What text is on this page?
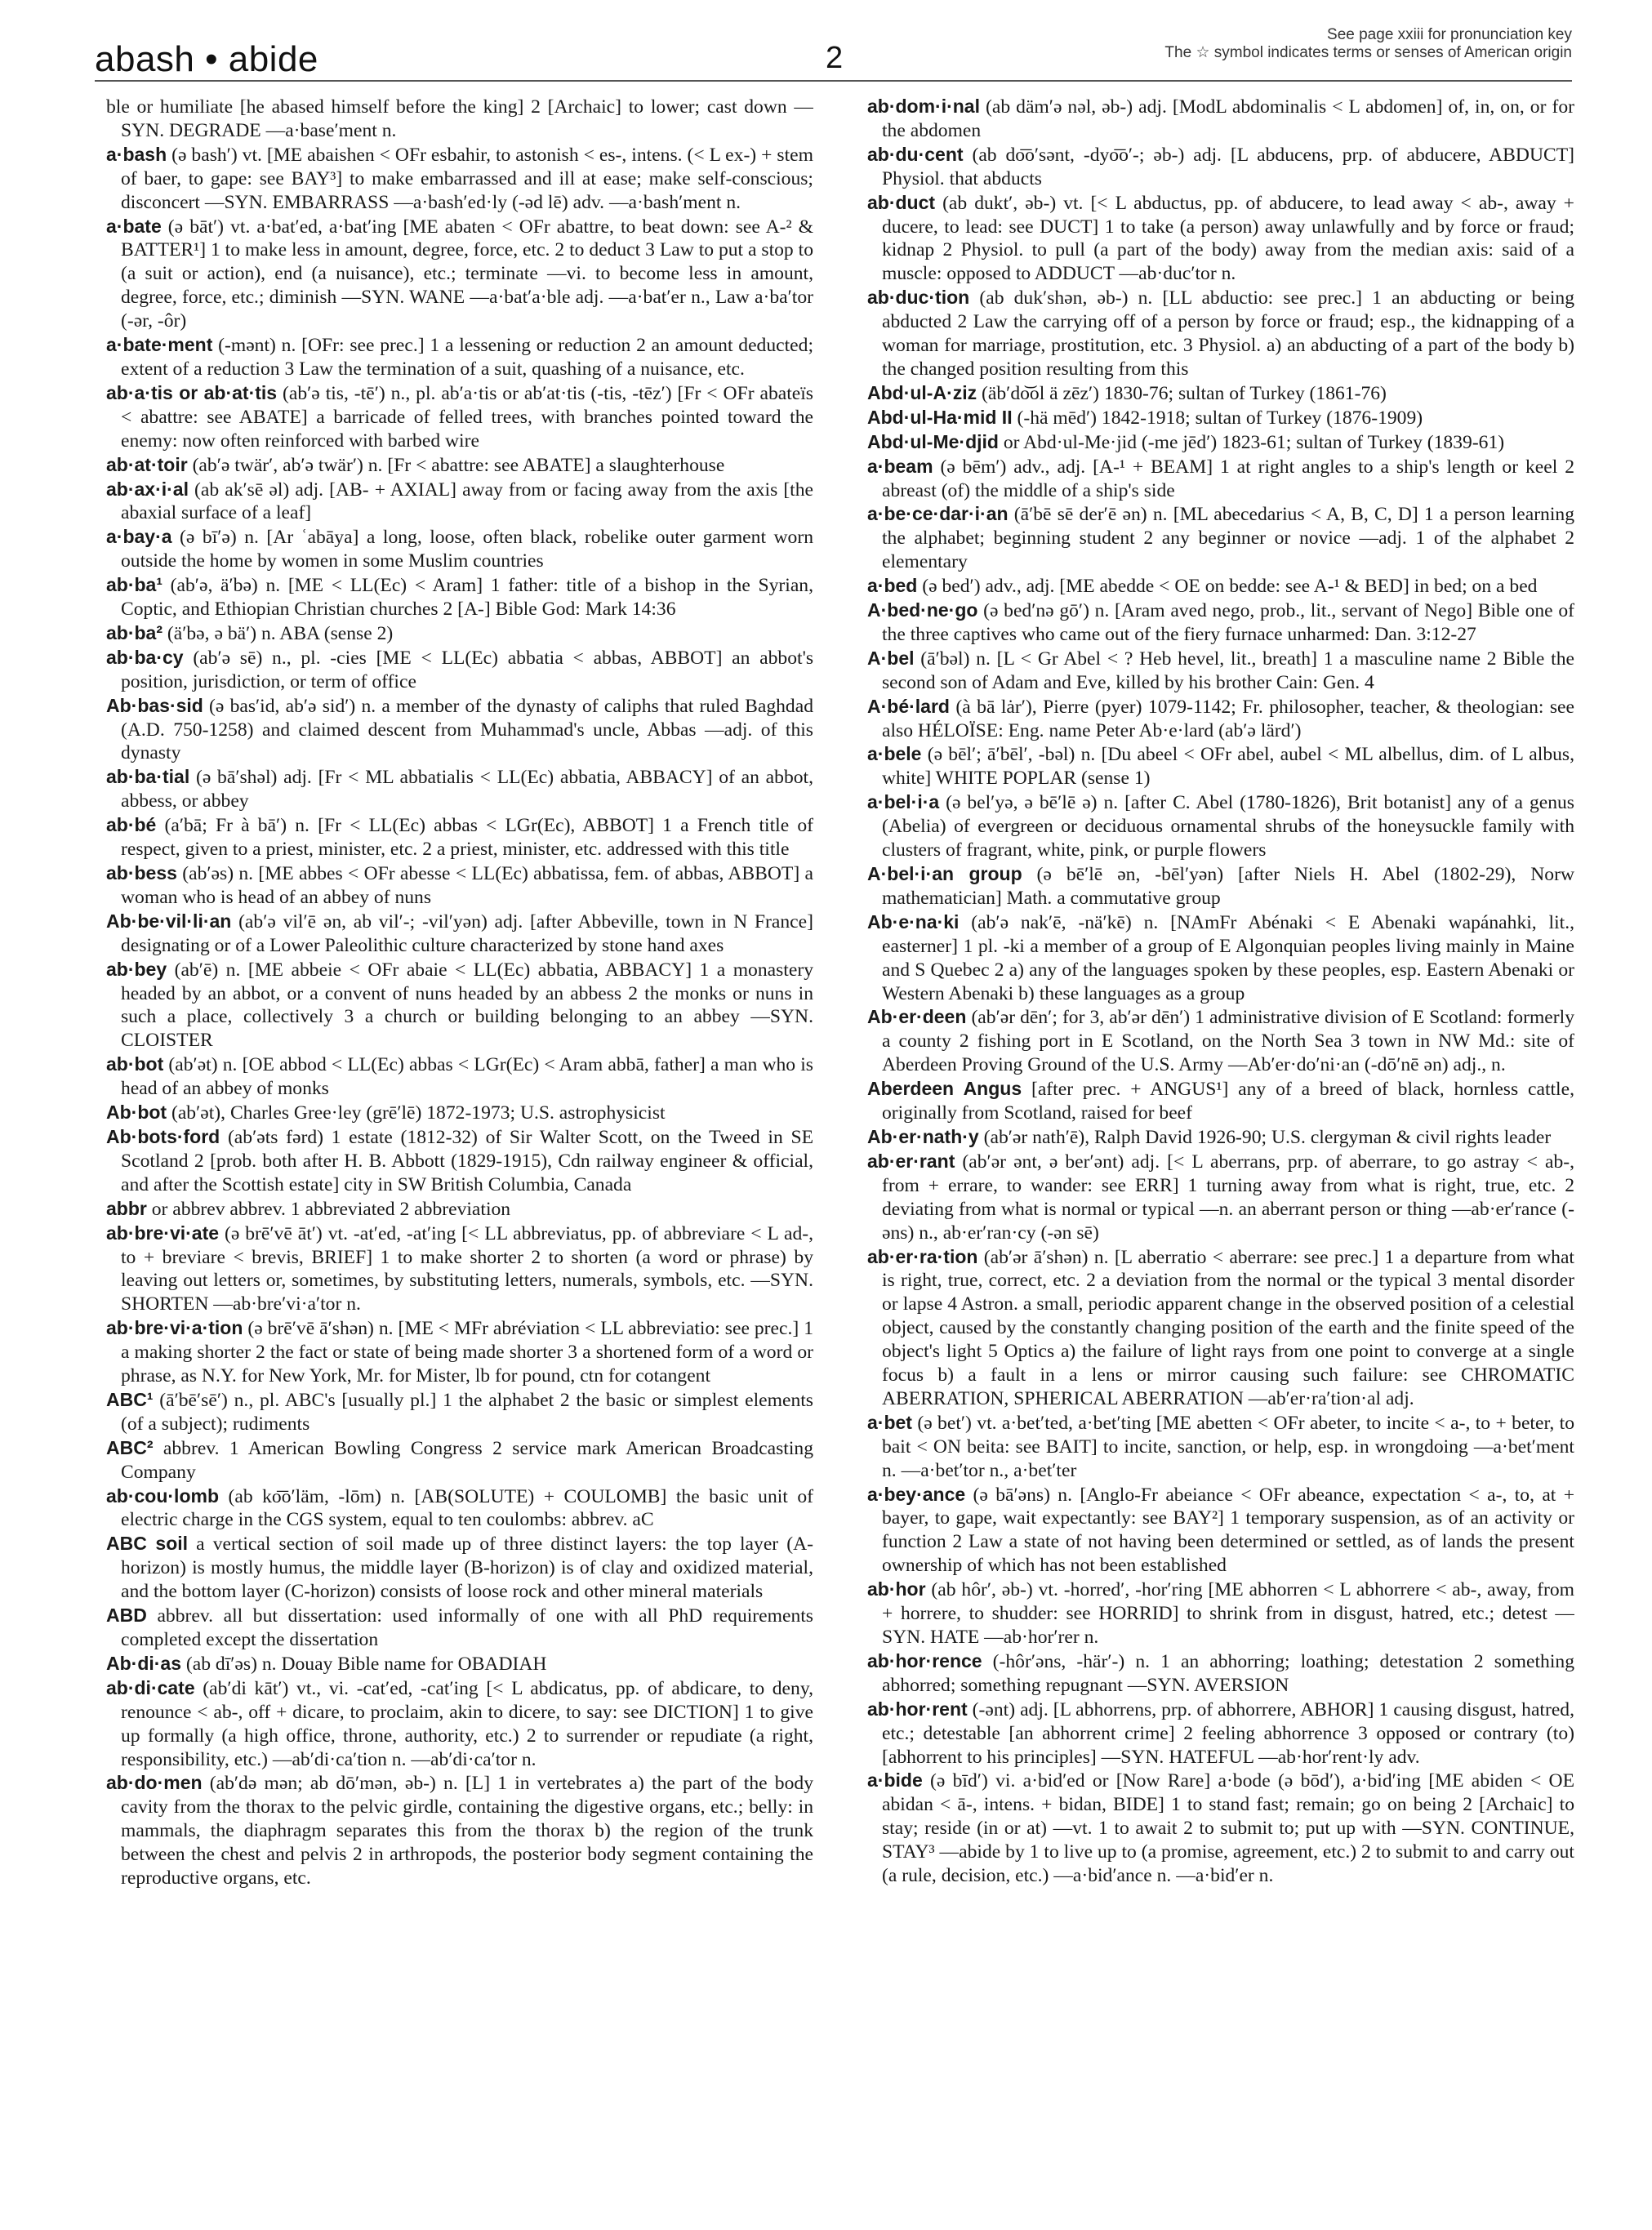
abash • abide	2
See page xxiii for pronunciation key
The ☆ symbol indicates terms or senses of American origin

ble or humiliate [he abased himself before the king] 2 [Archaic] to lower; cast down —SYN. DEGRADE —a·base′ment n.

a·bash (ə bash′) vt. [ME abaishen < OFr esbahir, to astonish < es-, intens. (< L ex-) + stem of baer, to gape: see BAY³] to make embarrassed and ill at ease; make self-conscious; disconcert —SYN. EMBARRASS —a·bash′ed·ly (-əd lē) adv. —a·bash′ment n.

a·bate (ə bāt′) vt. a·bat′ed, a·bat′ing [ME abaten < OFr abattre, to beat down: see A-² & BATTER¹] 1 to make less in amount, degree, force, etc. 2 to deduct 3 Law to put a stop to (a suit or action), end (a nuisance), etc.; terminate —vi. to become less in amount, degree, force, etc.; diminish —SYN. WANE —a·bat′a·ble adj. —a·bat′er n., Law a·ba′tor (-ər, -ôr)

a·bate·ment (-mənt) n. [OFr: see prec.] 1 a lessening or reduction 2 an amount deducted; extent of a reduction 3 Law the termination of a suit, quashing of a nuisance, etc.

ab·a·tis or ab·at·tis (ab′ə tis, -tē′) n., pl. ab′a·tis or ab′at·tis (-tis, -tēz′) [Fr < OFr abateïs < abattre: see ABATE] a barricade of felled trees, with branches pointed toward the enemy: now often reinforced with barbed wire

ab·at·toir (ab′ə twär′, ab′ə twär′) n. [Fr < abattre: see ABATE] a slaughterhouse

ab·ax·i·al (ab ak′sē əl) adj. [AB- + AXIAL] away from or facing away from the axis [the abaxial surface of a leaf]

a·bay·a (ə bī′ə) n. [Ar ʿabāya] a long, loose, often black, robelike outer garment worn outside the home by women in some Muslim countries

ab·ba¹ (ab′ə, ä′bə) n. [ME < LL(Ec) < Aram] 1 father: title of a bishop in the Syrian, Coptic, and Ethiopian Christian churches 2 [A-] Bible God: Mark 14:36

ab·ba² (ä′bə, ə bä′) n. ABA (sense 2)

ab·ba·cy (ab′ə sē) n., pl. -cies [ME < LL(Ec) abbatia < abbas, ABBOT] an abbot's position, jurisdiction, or term of office

Ab·bas·sid (ə bas′id, ab′ə sid′) n. a member of the dynasty of caliphs that ruled Baghdad (A.D. 750-1258) and claimed descent from Muhammad's uncle, Abbas —adj. of this dynasty

ab·ba·tial (ə bā′shəl) adj. [Fr < ML abbatialis < LL(Ec) abbatia, ABBACY] of an abbot, abbess, or abbey

ab·bé (a′bā; Fr à bā′) n. [Fr < LL(Ec) abbas < LGr(Ec), ABBOT] 1 a French title of respect, given to a priest, minister, etc. 2 a priest, minister, etc. addressed with this title

ab·bess (ab′əs) n. [ME abbes < OFr abesse < LL(Ec) abbatissa, fem. of abbas, ABBOT] a woman who is head of an abbey of nuns

Ab·be·vil·li·an (ab′ə vil′ē ən, ab vil′-; -vil′yən) adj. [after Abbeville, town in N France] designating or of a Lower Paleolithic culture characterized by stone hand axes

ab·bey (ab′ē) n. [ME abbeie < OFr abaie < LL(Ec) abbatia, ABBACY] 1 a monastery headed by an abbot, or a convent of nuns headed by an abbess 2 the monks or nuns in such a place, collectively 3 a church or building belonging to an abbey —SYN. CLOISTER

ab·bot (ab′ət) n. [OE abbod < LL(Ec) abbas < LGr(Ec) < Aram abbā, father] a man who is head of an abbey of monks

Ab·bot (ab′ət), Charles Gree·ley (grē′lē) 1872-1973; U.S. astrophysicist

Ab·bots·ford (ab′əts fərd) 1 estate (1812-32) of Sir Walter Scott, on the Tweed in SE Scotland 2 [prob. both after H. B. Abbott (1829-1915), Cdn railway engineer & official, and after the Scottish estate] city in SW British Columbia, Canada

abbr or abbrev abbrev. 1 abbreviated 2 abbreviation

ab·bre·vi·ate (ə brē′vē āt′) vt. -at′ed, -at′ing [< LL abbreviatus, pp. of abbreviare < L ad-, to + breviare < brevis, BRIEF] 1 to make shorter 2 to shorten (a word or phrase) by leaving out letters or, sometimes, by substituting letters, numerals, symbols, etc. —SYN. SHORTEN —ab·bre′vi·a′tor n.

ab·bre·vi·a·tion (ə brē′vē ā′shən) n. [ME < MFr abréviation < LL abbreviatio: see prec.] 1 a making shorter 2 the fact or state of being made shorter 3 a shortened form of a word or phrase, as N.Y. for New York, Mr. for Mister, lb for pound, ctn for cotangent

ABC¹ (ā′bē′sē′) n., pl. ABC's [usually pl.] 1 the alphabet 2 the basic or simplest elements (of a subject); rudiments

ABC² abbrev. 1 American Bowling Congress 2 service mark American Broadcasting Company

ab·cou·lomb (ab ko͞o′läm, -lōm) n. [AB(SOLUTE) + COULOMB] the basic unit of electric charge in the CGS system, equal to ten coulombs: abbrev. aC

ABC soil a vertical section of soil made up of three distinct layers: the top layer (A-horizon) is mostly humus, the middle layer (B-horizon) is of clay and oxidized material, and the bottom layer (C-horizon) consists of loose rock and other mineral materials

ABD abbrev. all but dissertation: used informally of one with all PhD requirements completed except the dissertation

Ab·di·as (ab dī′əs) n. Douay Bible name for OBADIAH

ab·di·cate (ab′di kāt′) vt., vi. -cat′ed, -cat′ing [< L abdicatus, pp. of abdicare, to deny, renounce < ab-, off + dicare, to proclaim, akin to dicere, to say: see DICTION] 1 to give up formally (a high office, throne, authority, etc.) 2 to surrender or repudiate (a right, responsibility, etc.) —ab′di·ca′tion n. —ab′di·ca′tor n.

ab·do·men (ab′də mən; ab dō′mən, əb-) n. [L] 1 in vertebrates a) the part of the body cavity from the thorax to the pelvic girdle, containing the digestive organs, etc.; belly: in mammals, the diaphragm separates this from the thorax b) the region of the trunk between the chest and pelvis 2 in arthropods, the posterior body segment containing the reproductive organs, etc.

ab·dom·i·nal (ab däm′ə nəl, əb-) adj. [ModL abdominalis < L abdomen] of, in, on, or for the abdomen

ab·du·cent (ab do͞o′sənt, -dyo͞o′-; əb-) adj. [L abducens, prp. of abducere, ABDUCT] Physiol. that abducts

ab·duct (ab dukt′, əb-) vt. [< L abductus, pp. of abducere, to lead away < ab-, away + ducere, to lead: see DUCT] 1 to take (a person) away unlawfully and by force or fraud; kidnap 2 Physiol. to pull (a part of the body) away from the median axis: said of a muscle: opposed to ADDUCT —ab·duc′tor n.

ab·duc·tion (ab duk′shən, əb-) n. [LL abductio: see prec.] 1 an abducting or being abducted 2 Law the carrying off of a person by force or fraud; esp., the kidnapping of a woman for marriage, prostitution, etc. 3 Physiol. a) an abducting of a part of the body b) the changed position resulting from this

Abd·ul-A·ziz (äb′do͝ol ä zēz′) 1830-76; sultan of Turkey (1861-76)

Abd·ul-Ha·mid II (-hä mēd′) 1842-1918; sultan of Turkey (1876-1909)

Abd·ul-Me·djid or Abd·ul-Me·jid (-me jēd′) 1823-61; sultan of Turkey (1839-61)

a·beam (ə bēm′) adv., adj. [A-¹ + BEAM] 1 at right angles to a ship's length or keel 2 abreast (of) the middle of a ship's side

a·be·ce·dar·i·an (ā′bē sē der′ē ən) n. [ML abecedarius < A, B, C, D] 1 a person learning the alphabet; beginning student 2 any beginner or novice —adj. 1 of the alphabet 2 elementary

a·bed (ə bed′) adv., adj. [ME abedde < OE on bedde: see A-¹ & BED] in bed; on a bed

A·bed·ne·go (ə bed′nə gō′) n. [Aram aved nego, prob., lit., servant of Nego] Bible one of the three captives who came out of the fiery furnace unharmed: Dan. 3:12-27

A·bel (ā′bəl) n. [L < Gr Abel < ? Heb hevel, lit., breath] 1 a masculine name 2 Bible the second son of Adam and Eve, killed by his brother Cain: Gen. 4

A·bé·lard (à bā lȧr′), Pierre (pyer) 1079-1142; Fr. philosopher, teacher, & theologian: see also HÉLOÏSE: Eng. name Peter Ab·e·lard (ab′ə lärd′)

a·bele (ə bēl′; ā′bēl′, -bəl) n. [Du abeel < OFr abel, aubel < ML albellus, dim. of L albus, white] WHITE POPLAR (sense 1)

a·bel·i·a (ə bel′yə, ə bē′lē ə) n. [after C. Abel (1780-1826), Brit botanist] any of a genus (Abelia) of evergreen or deciduous ornamental shrubs of the honeysuckle family with clusters of fragrant, white, pink, or purple flowers

A·bel·i·an group (ə bē′lē ən, -bēl′yən) [after Niels H. Abel (1802-29), Norw mathematician] Math. a commutative group

Ab·e·na·ki (ab′ə nak′ē, -nä′kē) n. [NAmFr Abénaki < E Abenaki wapánahki, lit., easterner] 1 pl. -ki a member of a group of E Algonquian peoples living mainly in Maine and S Quebec 2 a) any of the languages spoken by these peoples, esp. Eastern Abenaki or Western Abenaki b) these languages as a group

Ab·er·deen (ab′ər dēn′; for 3, ab′ər dēn′) 1 administrative division of E Scotland: formerly a county 2 fishing port in E Scotland, on the North Sea 3 town in NW Md.: site of Aberdeen Proving Ground of the U.S. Army —Ab′er·do′ni·an (-dō′nē ən) adj., n.

Aberdeen Angus [after prec. + ANGUS¹] any of a breed of black, hornless cattle, originally from Scotland, raised for beef

Ab·er·nath·y (ab′ər nath′ē), Ralph David 1926-90; U.S. clergyman & civil rights leader

ab·er·rant (ab′ər ənt, ə ber′ənt) adj. [< L aberrans, prp. of aberrare, to go astray < ab-, from + errare, to wander: see ERR] 1 turning away from what is right, true, etc. 2 deviating from what is normal or typical —n. an aberrant person or thing —ab·er′rance (-əns) n., ab·er′ran·cy (-ən sē)

ab·er·ra·tion (ab′ər ā′shən) n. [L aberratio < aberrare: see prec.] 1 a departure from what is right, true, correct, etc. 2 a deviation from the normal or the typical 3 mental disorder or lapse 4 Astron. a small, periodic apparent change in the observed position of a celestial object, caused by the constantly changing position of the earth and the finite speed of the object's light 5 Optics a) the failure of light rays from one point to converge at a single focus b) a fault in a lens or mirror causing such failure: see CHROMATIC ABERRATION, SPHERICAL ABERRATION —ab′er·ra′tion·al adj.

a·bet (ə bet′) vt. a·bet′ted, a·bet′ting [ME abetten < OFr abeter, to incite < a-, to + beter, to bait < ON beita: see BAIT] to incite, sanction, or help, esp. in wrongdoing —a·bet′ment n. —a·bet′tor n., a·bet′ter

a·bey·ance (ə bā′əns) n. [Anglo-Fr abeiance < OFr abeance, expectation < a-, to, at + bayer, to gape, wait expectantly: see BAY²] 1 temporary suspension, as of an activity or function 2 Law a state of not having been determined or settled, as of lands the present ownership of which has not been established

ab·hor (ab hôr′, əb-) vt. -horred′, -hor′ring [ME abhorren < L abhorrere < ab-, away, from + horrere, to shudder: see HORRID] to shrink from in disgust, hatred, etc.; detest —SYN. HATE —ab·hor′rer n.

ab·hor·rence (-hôr′əns, -här′-) n. 1 an abhorring; loathing; detestation 2 something abhorred; something repugnant —SYN. AVERSION

ab·hor·rent (-ənt) adj. [L abhorrens, prp. of abhorrere, ABHOR] 1 causing disgust, hatred, etc.; detestable [an abhorrent crime] 2 feeling abhorrence 3 opposed or contrary (to) [abhorrent to his principles] —SYN. HATEFUL —ab·hor′rent·ly adv.

a·bide (ə bīd′) vi. a·bid′ed or [Now Rare] a·bode (ə bōd′), a·bid′ing [ME abiden < OE abidan < ā-, intens. + bidan, BIDE] 1 to stand fast; remain; go on being 2 [Archaic] to stay; reside (in or at) —vt. 1 to await 2 to submit to; put up with —SYN. CONTINUE, STAY³ —abide by 1 to live up to (a promise, agreement, etc.) 2 to submit to and carry out (a rule, decision, etc.) —a·bid′ance n. —a·bid′er n.
